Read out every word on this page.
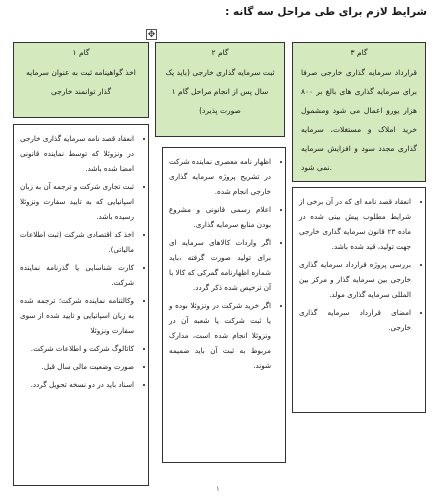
شرایط لازم برای طی مراحل سه گانه :
✥
گام ۱
اخذ گواهینامه ثبت به عنوان سرمایه گذار توانمند خارجی
• انعقاد قصد نامه سرمایه گذاری خارجی در ونزوئلا که توسط نماینده قانونی امضا شده باشد.
• ثبت تجاری شرکت و ترجمه آن به زبان اسپانیایی که به تایید سفارت ونزوئلا رسیده باشد.
• اخذ کد اقتصادی شرکت (ثبت اطلاعات مالیاتی).
• کارت شناسایی یا گذرنامه نماینده شرکت.
• وکالتنامه نماینده شرکت؛ ترجمه شده به زبان اسپانیایی و تایید شده از سوی سفارت ونزوئلا
• کاتالوگ شرکت و اطلاعات شرکت.
• صورت وضعیت مالی سال قبل.
• اسناد باید در دو نسخه تحویل گردد.
گام ۲
ثبت سرمایه گذاری خارجی (باید یک سال پس از انجام مراحل گام ۱ صورت پذیرد)
• اظهار نامه معصری نماینده شرکت در تشریح پروژه سرمایه گذاری خارجی انجام شده.
• اعلام رسمی قانونی و مشروع بودن منابع سرمایه گذاری.
• اگر واردات کالاهای سرمایه ای برای تولید صورت گرفته ،باید شماره اظهارنامه گمرکی که کالا با آن ترخیص شده ذکر گردد.
• اگر خرید شرکت در ونزوئلا بوده و یا ثبت شرکت یا شعبه آن در ونزوئلا انجام شده است، مدارک مربوط به ثبت آن باید ضمیمه شوند.
گام ۳
قرارداد سرمایه گذاری خارجی صرفا برای سرمایه گذاری های بالغ بر ۸۰۰ هزار یورو اعمال می شود ومشمول خرید املاک و مستغلات، سرمایه گذاری مجدد سود و افزایش سرمایه نمی شود.
• انعقاد قصد نامه ای که در آن برخی از شرایط مطلوب پیش بینی شده در ماده ۲۳ قانون سرمایه گذاری خارجی جهت تولید، قید شده باشد.
• بررسی پروژه قرارداد سرمایه گذاری خارجی بین سرمایه گذار و مرکز بین المللی سرمایه گذاری مولد.
• امضای قرارداد سرمایه گذاری خارجی.
۱
